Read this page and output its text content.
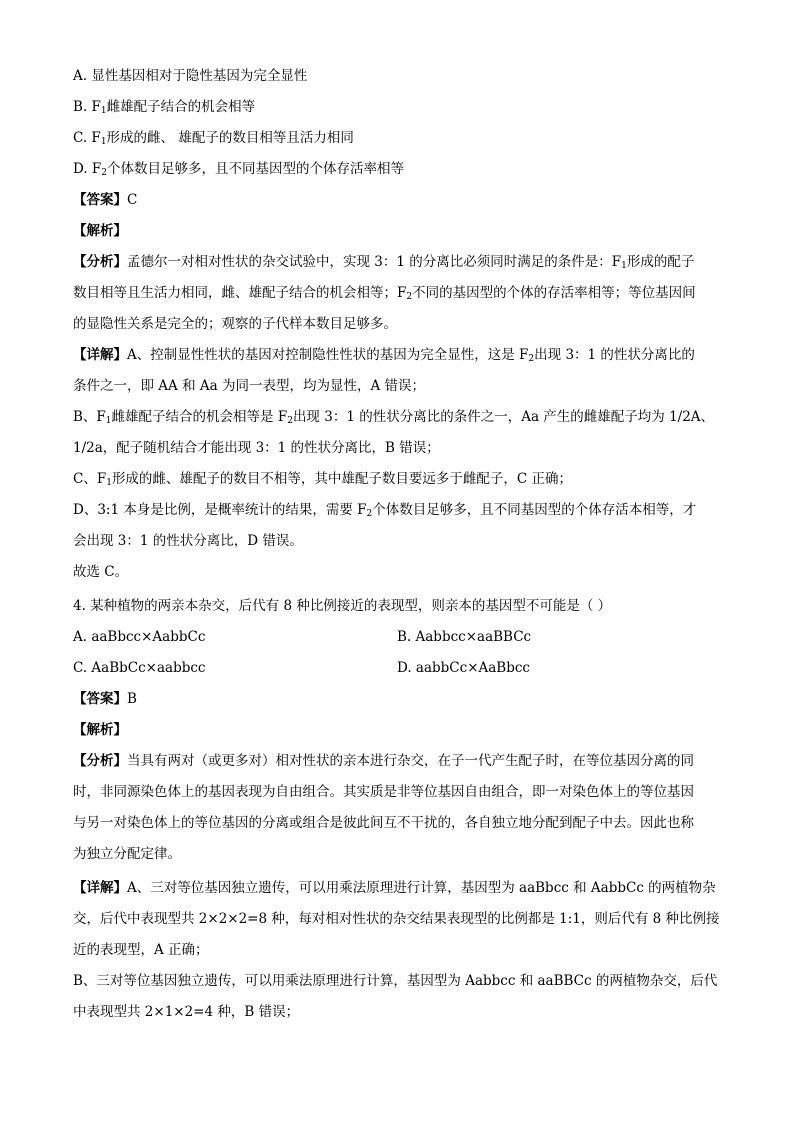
A. 显性基因相对于隐性基因为完全显性
B. $F_1$雌雄配子结合的机会相等
C. $F_1$形成的雌、 雄配子的数目相等且活力相同
D. $F_2$个体数目足够多，且不同基因型的个体存活率相等
【答案】C
【解析】
【分析】孟德尔一对相对性状的杂交试验中，实现 3：1 的分离比必须同时满足的条件是：$F_1$形成的配子
数目相等且生活力相同，雌、雄配子结合的机会相等；$F_2$不同的基因型的个体的存活率相等；等位基因间
的显隐性关系是完全的；观察的子代样本数目足够多。
【详解】A、控制显性性状的基因对控制隐性性状的基因为完全显性，这是 $F_2$出现 3：1 的性状分离比的
条件之一，即 AA 和 Aa 为同一表型，均为显性，A 错误；
B、$F_1$雌雄配子结合的机会相等是 $F_2$出现 3：1 的性状分离比的条件之一，Aa 产生的雌雄配子均为 1/2A、
1/2a，配子随机结合才能出现 3：1 的性状分离比，B 错误；
C、$F_1$形成的雌、雄配子的数目不相等，其中雄配子数目要远多于雌配子，C 正确；
D、3:1 本身是比例，是概率统计的结果，需要 $F_2$个体数目足够多，且不同基因型的个体存活本相等，才
会出现 3：1 的性状分离比，D 错误。
故选 C。
4. 某种植物的两亲本杂交，后代有 8 种比例接近的表现型，则亲本的基因型不可能是（ ）
A. aaBbcc×AabbCc	B. Aabbcc×aaBBCc
C. AaBbCc×aabbcc	D. aabbCc×AaBbcc
【答案】B
【解析】
【分析】当具有两对（或更多对）相对性状的亲本进行杂交，在子一代产生配子时，在等位基因分离的同
时，非同源染色体上的基因表现为自由组合。其实质是非等位基因自由组合，即一对染色体上的等位基因
与另一对染色体上的等位基因的分离或组合是彼此间互不干扰的，各自独立地分配到配子中去。因此也称
为独立分配定律。
【详解】A、三对等位基因独立遗传，可以用乘法原理进行计算，基因型为 aaBbcc 和 AabbCc 的两植物杂
交，后代中表现型共 2×2×2=8 种，每对相对性状的杂交结果表现型的比例都是 1:1，则后代有 8 种比例接
近的表现型，A 正确；
B、三对等位基因独立遗传，可以用乘法原理进行计算，基因型为 Aabbcc 和 aaBBCc 的两植物杂交，后代
中表现型共 2×1×2=4 种，B 错误；
